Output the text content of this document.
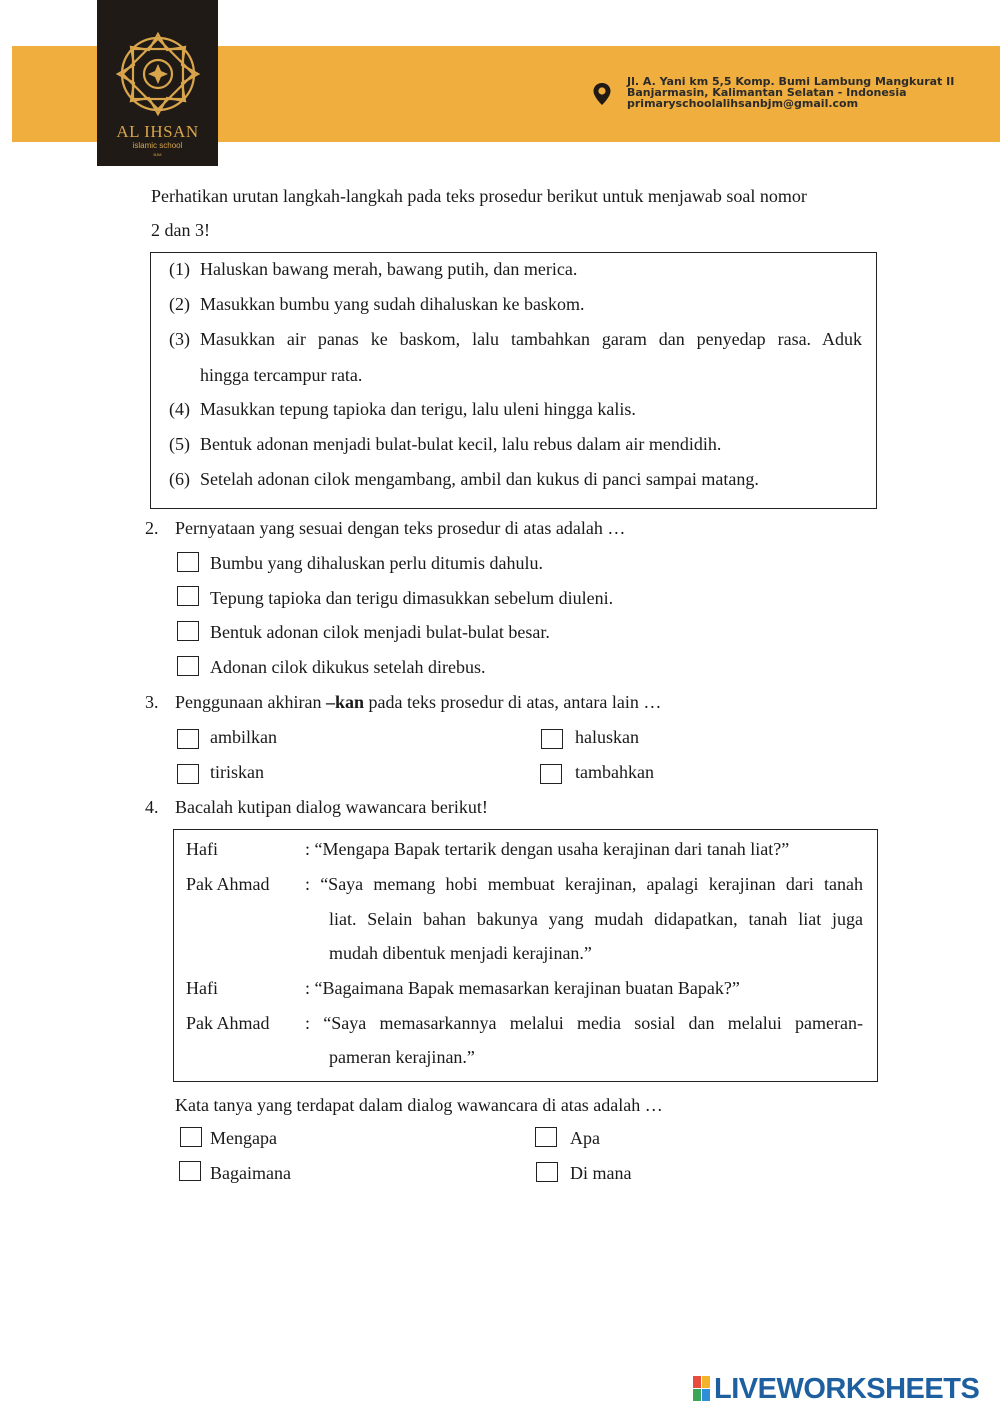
AL IHSAN
islamic school
BJM
Jl. A. Yani km 5,5 Komp. Bumi Lambung Mangkurat II
Banjarmasin, Kalimantan Selatan - Indonesia
primaryschoolalihsanbjm@gmail.com
Perhatikan urutan langkah-langkah pada teks prosedur berikut untuk menjawab soal nomor
2 dan 3!
(1) Haluskan bawang merah, bawang putih, dan merica.
(2) Masukkan bumbu yang sudah dihaluskan ke baskom.
(3) Masukkan air panas ke baskom, lalu tambahkan garam dan penyedap rasa. Aduk
hingga tercampur rata.
(4) Masukkan tepung tapioka dan terigu, lalu uleni hingga kalis.
(5) Bentuk adonan menjadi bulat-bulat kecil, lalu rebus dalam air mendidih.
(6) Setelah adonan cilok mengambang, ambil dan kukus di panci sampai matang.
2. Pernyataan yang sesuai dengan teks prosedur di atas adalah …
Bumbu yang dihaluskan perlu ditumis dahulu.
Tepung tapioka dan terigu dimasukkan sebelum diuleni.
Bentuk adonan cilok menjadi bulat-bulat besar.
Adonan cilok dikukus setelah direbus.
3. Penggunaan akhiran –kan pada teks prosedur di atas, antara lain …
ambilkan	haluskan
tiriskan	tambahkan
4. Bacalah kutipan dialog wawancara berikut!
Hafi	: “Mengapa Bapak tertarik dengan usaha kerajinan dari tanah liat?”
Pak Ahmad : “Saya memang hobi membuat kerajinan, apalagi kerajinan dari tanah
liat. Selain bahan bakunya yang mudah didapatkan, tanah liat juga
mudah dibentuk menjadi kerajinan.”
Hafi	: “Bagaimana Bapak memasarkan kerajinan buatan Bapak?”
Pak Ahmad : “Saya memasarkannya melalui media sosial dan melalui pameran-
pameran kerajinan.”
Kata tanya yang terdapat dalam dialog wawancara di atas adalah …
Mengapa	Apa
Bagaimana	Di mana
LIVEWORKSHEETS
